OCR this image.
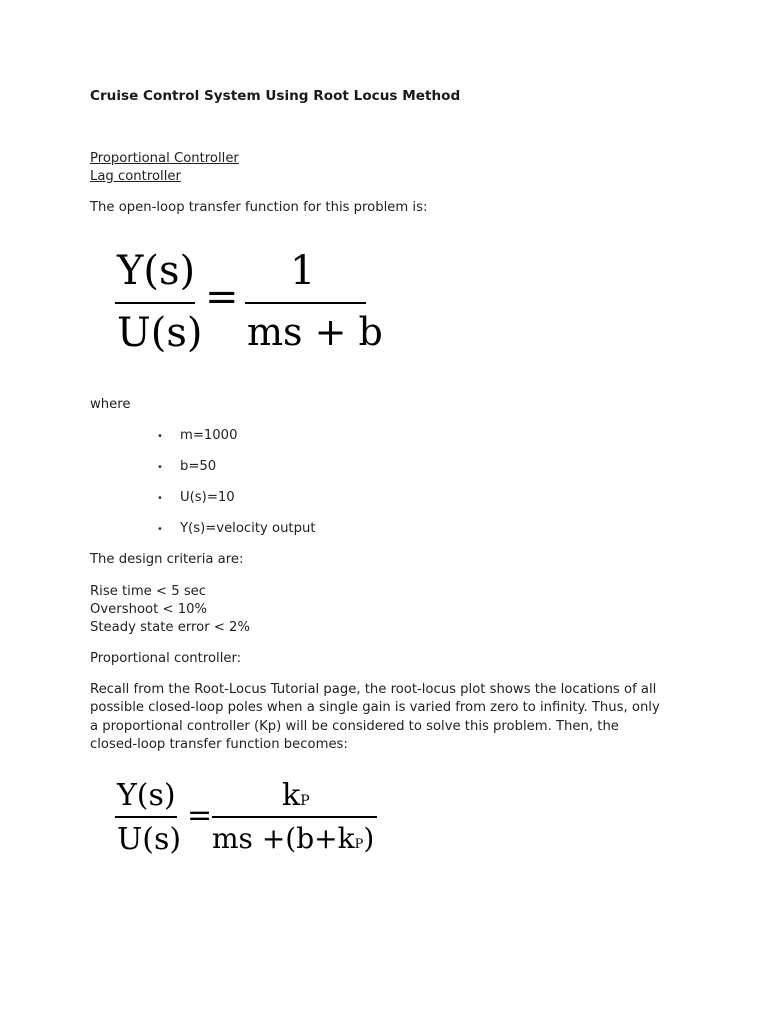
Cruise Control System Using Root Locus Method
Proportional Controller
Lag controller
The open-loop transfer function for this problem is:
Y(s)
U(s)
=
1
ms + b
where
• m=1000
• b=50
• U(s)=10
• Y(s)=velocity output
The design criteria are:
Rise time < 5 sec
Overshoot < 10%
Steady state error < 2%
Proportional controller:
Recall from the Root-Locus Tutorial page, the root-locus plot shows the locations of all
possible closed-loop poles when a single gain is varied from zero to infinity. Thus, only
a proportional controller (Kp) will be considered to solve this problem. Then, the
closed-loop transfer function becomes:
Y(s)
U(s)
=
kP
ms +(b+kP)
